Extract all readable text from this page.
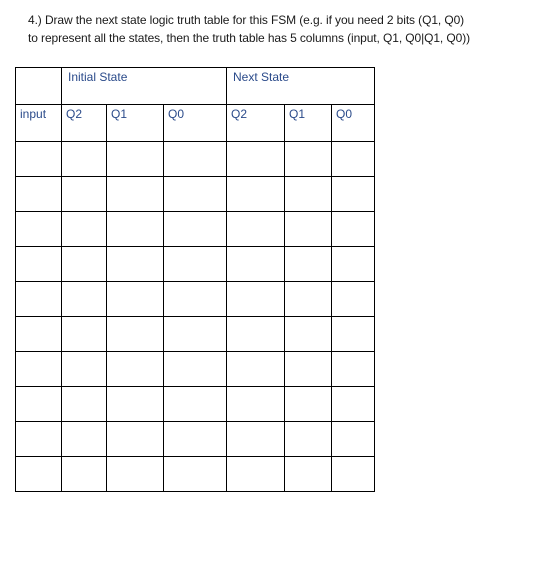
4.) Draw the next state logic truth table for this FSM (e.g. if you need 2 bits (Q1, Q0)
to represent all the states, then the truth table has 5 columns (input, Q1, Q0|Q1, Q0))

	Initial State			Next State		

input	Q2	Q1	Q0	Q2	Q1	Q0
